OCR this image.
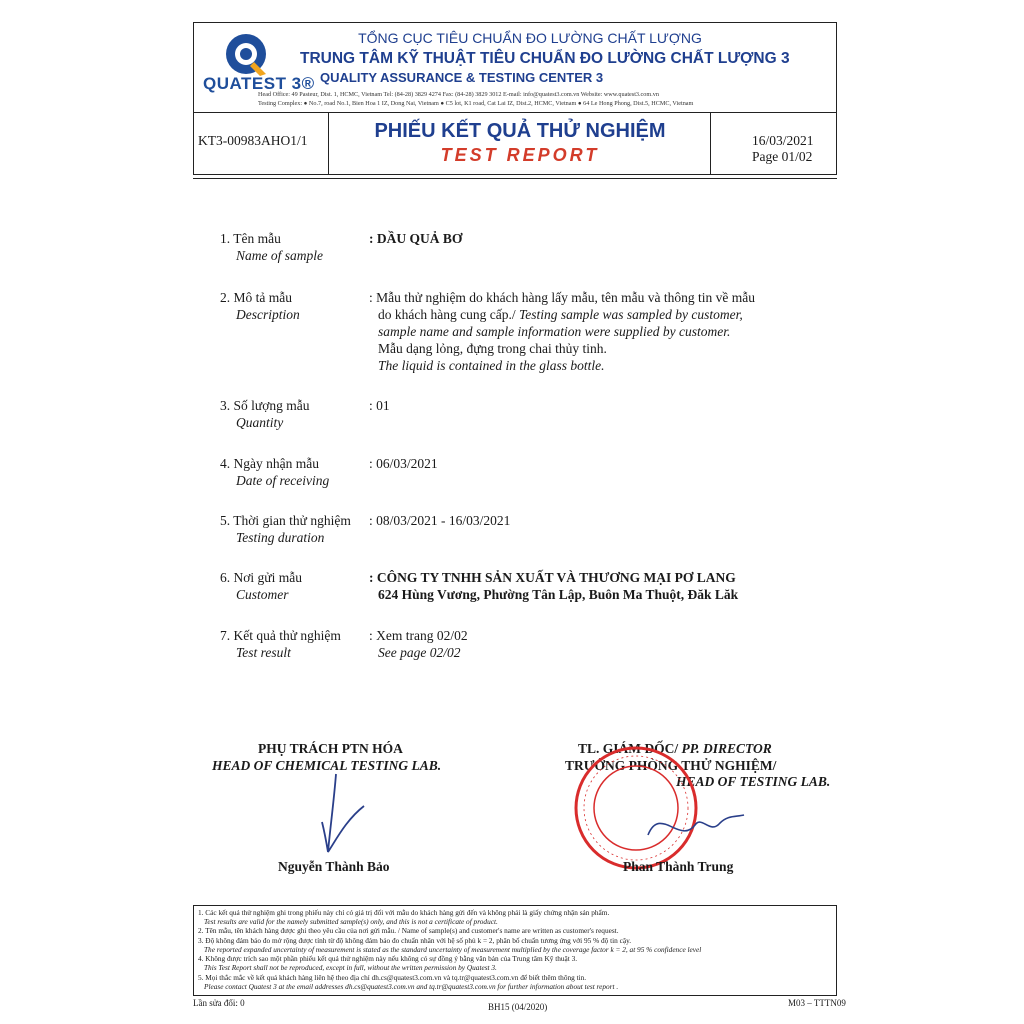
QUATEST 3®
TỔNG CỤC TIÊU CHUẨN ĐO LƯỜNG CHẤT LƯỢNG
TRUNG TÂM KỸ THUẬT TIÊU CHUẨN ĐO LƯỜNG CHẤT LƯỢNG 3
QUALITY ASSURANCE & TESTING CENTER 3
Head Office: 49 Pasteur, Dist. 1, HCMC, Vietnam Tel: (84-28) 3829 4274 Fax: (84-28) 3829 3012 E-mail: info@quatest3.com.vn Website: www.quatest3.com.vn
Testing Complex: ● No.7, road No.1, Bien Hoa 1 IZ, Dong Nai, Vietnam ● C5 lot, K1 road, Cat Lai IZ, Dist.2, HCMC, Vietnam ● 64 Le Hong Phong, Dist.5, HCMC, Vietnam
KT3-00983AHO1/1	PHIẾU KẾT QUẢ THỬ NGHIỆM
TEST REPORT
16/03/2021
Page 01/02
1. Tên mẫu
Name of sample
: DẦU QUẢ BƠ
2. Mô tả mẫu
Description
: Mẫu thử nghiệm do khách hàng lấy mẫu, tên mẫu và thông tin về mẫu
do khách hàng cung cấp./ Testing sample was sampled by customer,
sample name and sample information were supplied by customer.
Mẫu dạng lỏng, đựng trong chai thủy tinh.
The liquid is contained in the glass bottle.
3. Số lượng mẫu
Quantity
: 01
4. Ngày nhận mẫu
Date of receiving
: 06/03/2021
5. Thời gian thử nghiệm
Testing duration
: 08/03/2021 - 16/03/2021
6. Nơi gửi mẫu
Customer
: CÔNG TY TNHH SẢN XUẤT VÀ THƯƠNG MẠI PƠ LANG
624 Hùng Vương, Phường Tân Lập, Buôn Ma Thuột, Đăk Lăk
7. Kết quả thử nghiệm
Test result
: Xem trang 02/02
See page 02/02
PHỤ TRÁCH PTN HÓA
HEAD OF CHEMICAL TESTING LAB.
Nguyễn Thành Bảo
TL. GIÁM ĐỐC/ PP. DIRECTOR
TRƯỞNG PHÒNG THỬ NGHIỆM/
HEAD OF TESTING LAB.
Phan Thành Trung
1. Các kết quả thử nghiệm ghi trong phiếu này chỉ có giá trị đối với mẫu do khách hàng gửi đến và không phải là giấy chứng nhận sản phẩm.
Test results are valid for the namely submitted sample(s) only, and this is not a certificate of product.
2. Tên mẫu, tên khách hàng được ghi theo yêu cầu của nơi gửi mẫu. / Name of sample(s) and customer's name are written as customer's request.
3. Độ không đảm bảo đo mở rộng được tính từ độ không đảm bảo đo chuẩn nhân với hệ số phủ k = 2, phân bố chuẩn tương ứng với 95 % độ tin cậy.
The reported expanded uncertainty of measurement is stated as the standard uncertainty of measurement multiplied by the coverage factor k = 2, at 95 % confidence level
4. Không được trích sao một phần phiếu kết quả thử nghiệm này nếu không có sự đồng ý bằng văn bản của Trung tâm Kỹ thuật 3.
This Test Report shall not be reproduced, except in full, without the written permission by Quatest 3.
5. Mọi thắc mắc về kết quả khách hàng liên hệ theo địa chỉ dh.cs@quatest3.com.vn và tq.tr@quatest3.com.vn để biết thêm thông tin.
Please contact Quatest 3 at the email addresses dh.cs@quatest3.com.vn and tq.tr@quatest3.com.vn for further information about test report .
Lần sửa đổi: 0	BH15 (04/2020)	M03 – TTTN09
